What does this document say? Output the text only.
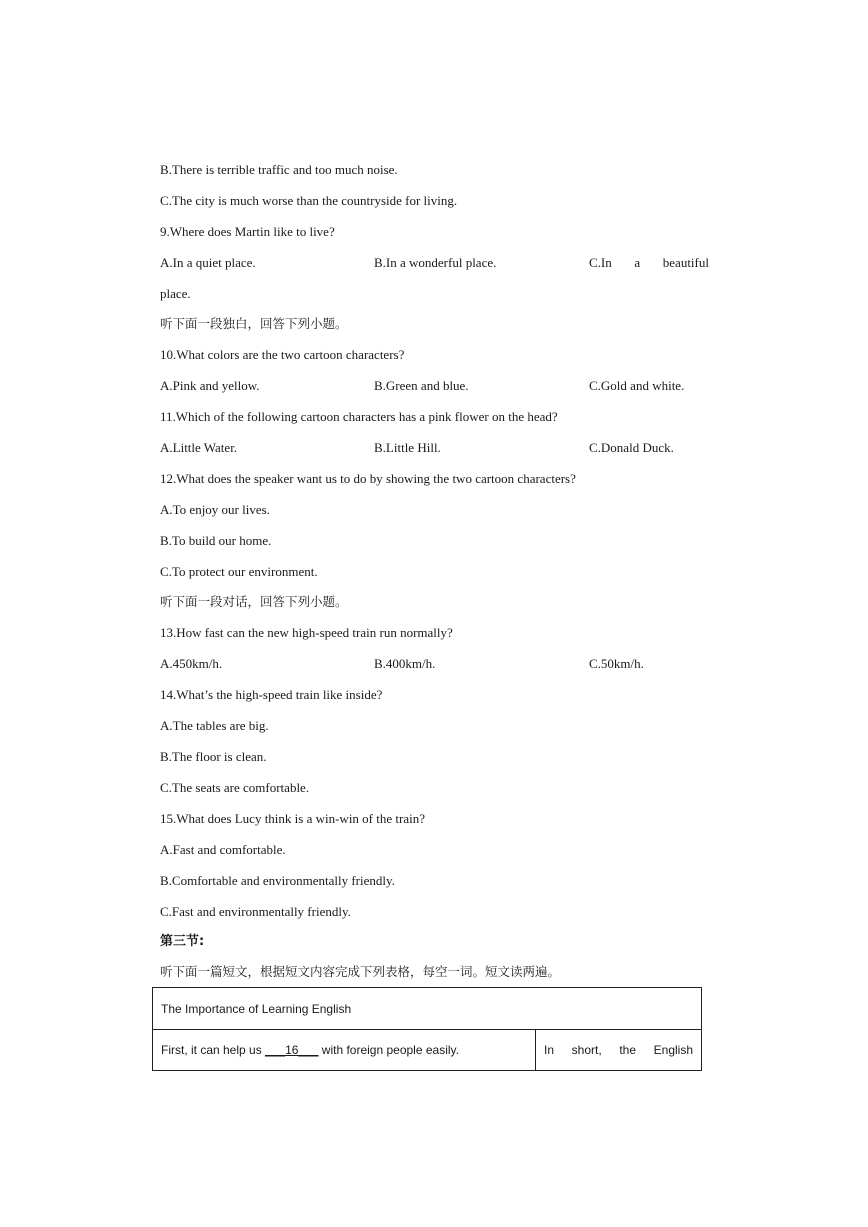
B.There is terrible traffic and too much noise.
C.The city is much worse than the countryside for living.
9.Where does Martin like to live?
A.In a quiet place.	B.In a wonderful place.	C.In a beautiful
place.
听下面一段独白，回答下列小题。
10.What colors are the two cartoon characters?
A.Pink and yellow.	B.Green and blue.	C.Gold and white.
11.Which of the following cartoon characters has a pink flower on the head?
A.Little Water.	B.Little Hill.	C.Donald Duck.
12.What does the speaker want us to do by showing the two cartoon characters?
A.To enjoy our lives.
B.To build our home.
C.To protect our environment.
听下面一段对话，回答下列小题。
13.How fast can the new high-speed train run normally?
A.450km/h.	B.400km/h.	C.50km/h.
14.What’s the high-speed train like inside?
A.The tables are big.
B.The floor is clean.
C.The seats are comfortable.
15.What does Lucy think is a win-win of the train?
A.Fast and comfortable.
B.Comfortable and environmentally friendly.
C.Fast and environmentally friendly.
第三节:
听下面一篇短文，根据短文内容完成下列表格，每空一词。短文读两遍。
The Importance of Learning English
First, it can help us ___16___ with foreign people easily.	In short, the English
